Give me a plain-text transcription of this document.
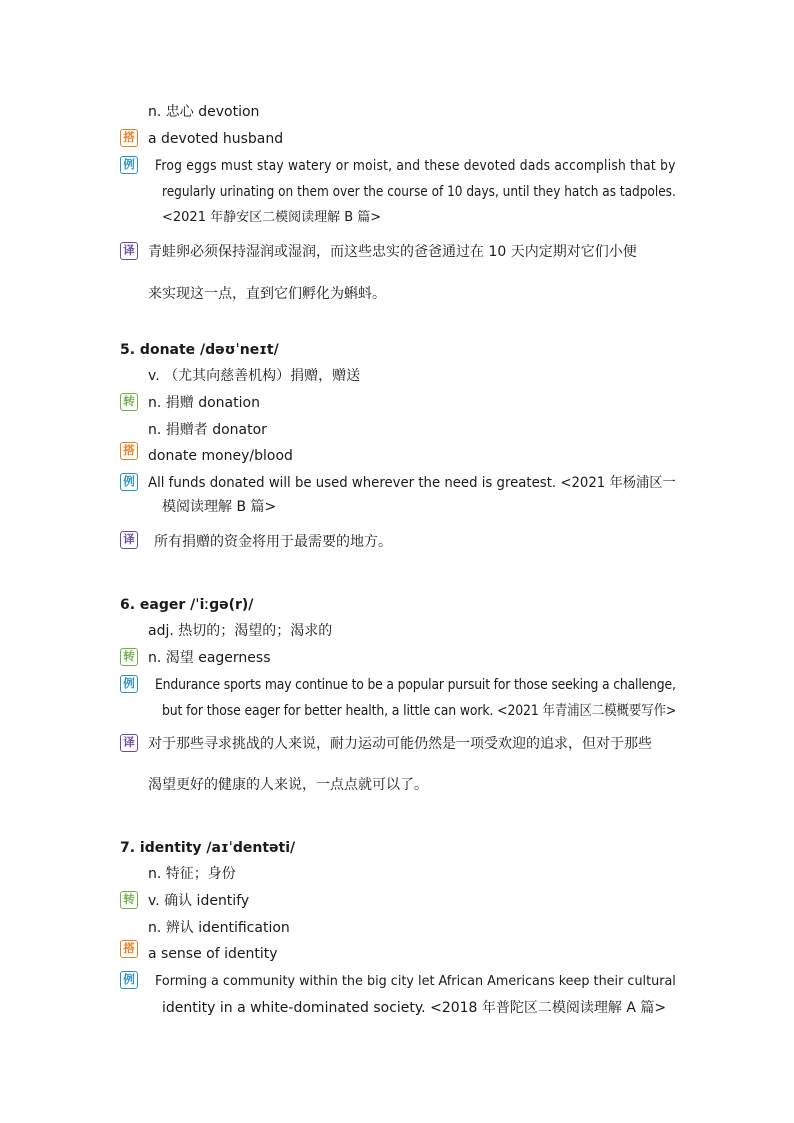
n. 忠心 devotion
搭 a devoted husband
例 Frog eggs must stay watery or moist, and these devoted dads accomplish that by
regularly urinating on them over the course of 10 days, until they hatch as tadpoles.
<2021 年静安区二模阅读理解 B 篇>
译 青蛙卵必须保持湿润或湿润，而这些忠实的爸爸通过在 10 天内定期对它们小便
来实现这一点，直到它们孵化为蝌蚪。
5. donate /dəʊˈneɪt/
v. （尤其向慈善机构）捐赠，赠送
转 n. 捐赠 donation
n. 捐赠者 donator
搭 donate money/blood
例 All funds donated will be used wherever the need is greatest. <2021 年杨浦区一
模阅读理解 B 篇>
译 所有捐赠的资金将用于最需要的地方。
6. eager /ˈiːɡə(r)/
adj. 热切的；渴望的；渴求的
转 n. 渴望 eagerness
例 Endurance sports may continue to be a popular pursuit for those seeking a challenge,
but for those eager for better health, a little can work. <2021 年青浦区二模概要写作>
译 对于那些寻求挑战的人来说，耐力运动可能仍然是一项受欢迎的追求，但对于那些
渴望更好的健康的人来说，一点点就可以了。
7. identity /aɪˈdentəti/
n. 特征；身份
转 v. 确认 identify
n. 辨认 identification
搭 a sense of identity
例 Forming a community within the big city let African Americans keep their cultural
identity in a white-dominated society. <2018 年普陀区二模阅读理解 A 篇>
